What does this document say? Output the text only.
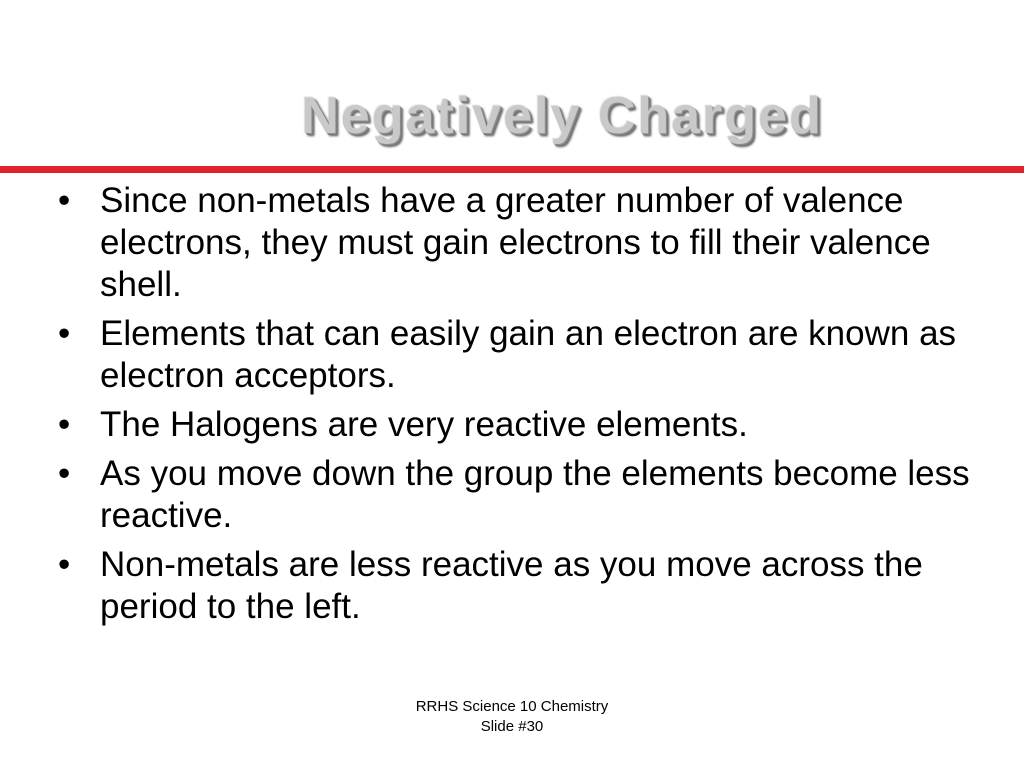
Negatively Charged
• Since non-metals have a greater number of valence electrons, they must gain electrons to fill their valence shell.
• Elements that can easily gain an electron are known as electron acceptors.
• The Halogens are very reactive elements.
• As you move down the group the elements become less reactive.
• Non-metals are less reactive as you move across the period to the left.
RRHS Science 10 Chemistry
Slide #30
